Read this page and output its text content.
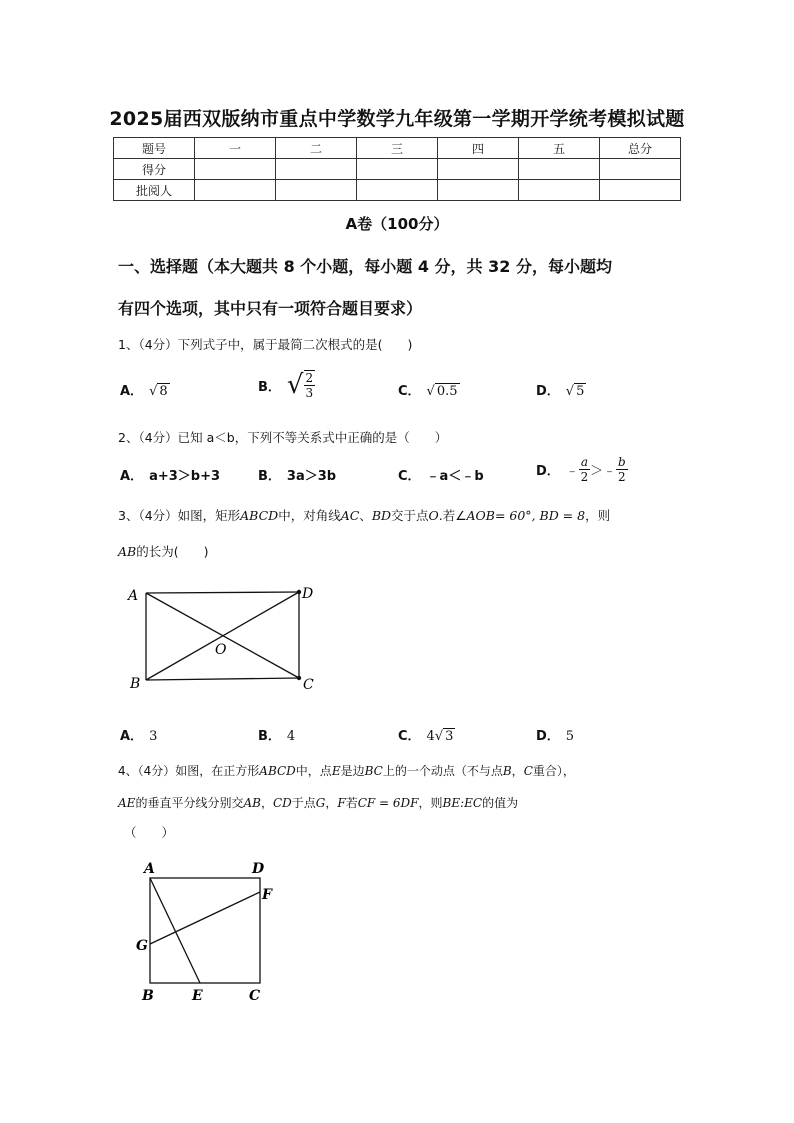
2025届西双版纳市重点中学数学九年级第一学期开学统考模拟试题
题号	一	二	三	四	五	总分
得分						
批阅人						
A卷（100分）
一、选择题（本大题共 8 个小题，每小题 4 分，共 32 分，每小题均
有四个选项，其中只有一项符合题目要求）
1、（4分）下列式子中，属于最简二次根式的是(　　)
A． √ 8	B． √ $\frac{2}{3}$	C． √ 0.5	D． √ 5
2、（4分）已知 a＜b，下列不等关系式中正确的是（　　）
A． a+3＞b+3	B． 3a＞3b	C． ﹣a＜﹣b	D． ﹣ $\frac{a}{2}$ ＞﹣ $\frac{b}{2}$
3、（4分）如图，矩形ABCD中，对角线AC、BD交于点O.若∠AOB= 60°, BD = 8，则
AB的长为(　　)
A	D
O
B	C
A． 3	B． 4	C． 4√ 3	D． 5
4、（4分）如图，在正方形ABCD中，点E是边BC上的一个动点（不与点B，C重合），
AE的垂直平分线分别交AB，CD于点G，F若CF = 6DF，则BE:EC的值为
（　　）
A	D
F
G
B	E	C
